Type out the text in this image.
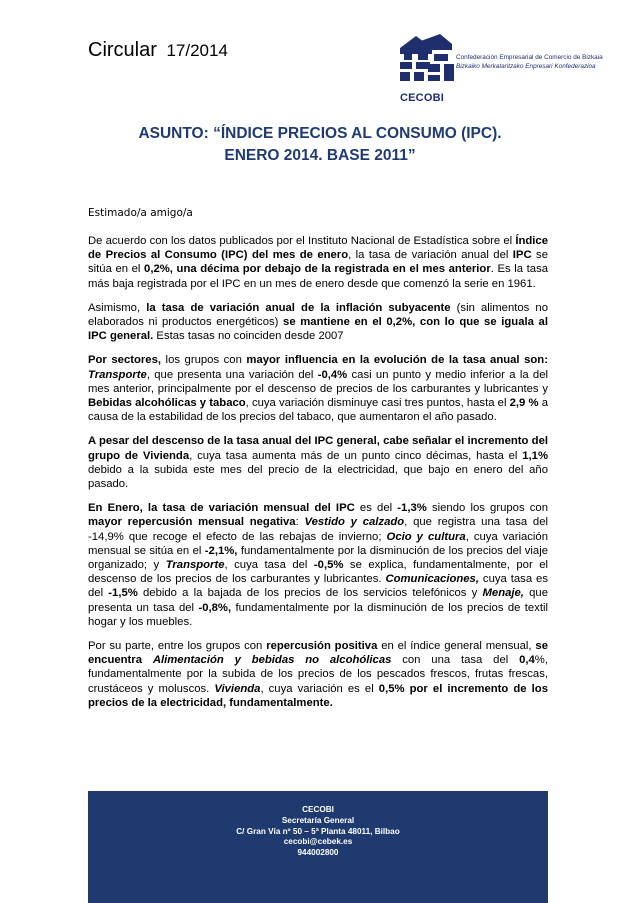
Circular 17/2014	Confederación Empresarial de Comercio de Bizkaia
Bizkaiko Merkataritzako Enpresari Konfederazioa
CECOBI
ASUNTO: “ÍNDICE PRECIOS AL CONSUMO (IPC).
ENERO 2014. BASE 2011”
Estimado/a amigo/a

De acuerdo con los datos publicados por el Instituto Nacional de Estadística sobre el Índice de Precios al Consumo (IPC) del mes de enero, la tasa de variación anual del IPC se sitúa en el 0,2%, una décima por debajo de la registrada en el mes anterior. Es la tasa más baja registrada por el IPC en un mes de enero desde que comenzó la serie en 1961.

Asimismo, la tasa de variación anual de la inflación subyacente (sin alimentos no elaborados ni productos energéticos) se mantiene en el 0,2%, con lo que se iguala al IPC general. Estas tasas no coinciden desde 2007

Por sectores, los grupos con mayor influencia en la evolución de la tasa anual son: Transporte, que presenta una variación del -0,4% casi un punto y medio inferior a la del mes anterior, principalmente por el descenso de precios de los carburantes y lubricantes y Bebidas alcohólicas y tabaco, cuya variación disminuye casi tres puntos, hasta el 2,9 % a causa de la estabilidad de los precios del tabaco, que aumentaron el año pasado.

A pesar del descenso de la tasa anual del IPC general, cabe señalar el incremento del grupo de Vivienda, cuya tasa aumenta más de un punto cinco décimas, hasta el 1,1% debido a la subida este mes del precio de la electricidad, que bajo en enero del año pasado.

En Enero, la tasa de variación mensual del IPC es del -1,3% siendo los grupos con mayor repercusión mensual negativa: Vestido y calzado, que registra una tasa del -14,9% que recoge el efecto de las rebajas de invierno; Ocio y cultura, cuya variación mensual se sitúa en el -2,1%, fundamentalmente por la disminución de los precios del viaje organizado; y Transporte, cuya tasa del -0,5% se explica, fundamentalmente, por el descenso de los precios de los carburantes y lubricantes. Comunicaciones, cuya tasa es del -1,5% debido a la bajada de los precios de los servicios telefónicos y Menaje, que presenta un tasa del -0,8%, fundamentalmente por la disminución de los precios de textil hogar y los muebles.

Por su parte, entre los grupos con repercusión positiva en el índice general mensual, se encuentra Alimentación y bebidas no alcohólicas con una tasa del 0,4%, fundamentalmente por la subida de los precios de los pescados frescos, frutas frescas, crustáceos y moluscos. Vivienda, cuya variación es el 0,5% por el incremento de los precios de la electricidad, fundamentalmente.

CECOBI
Secretaría General
C/ Gran Vía nº 50 – 5ª Planta 48011, Bilbao
cecobi@cebek.es
944002800
